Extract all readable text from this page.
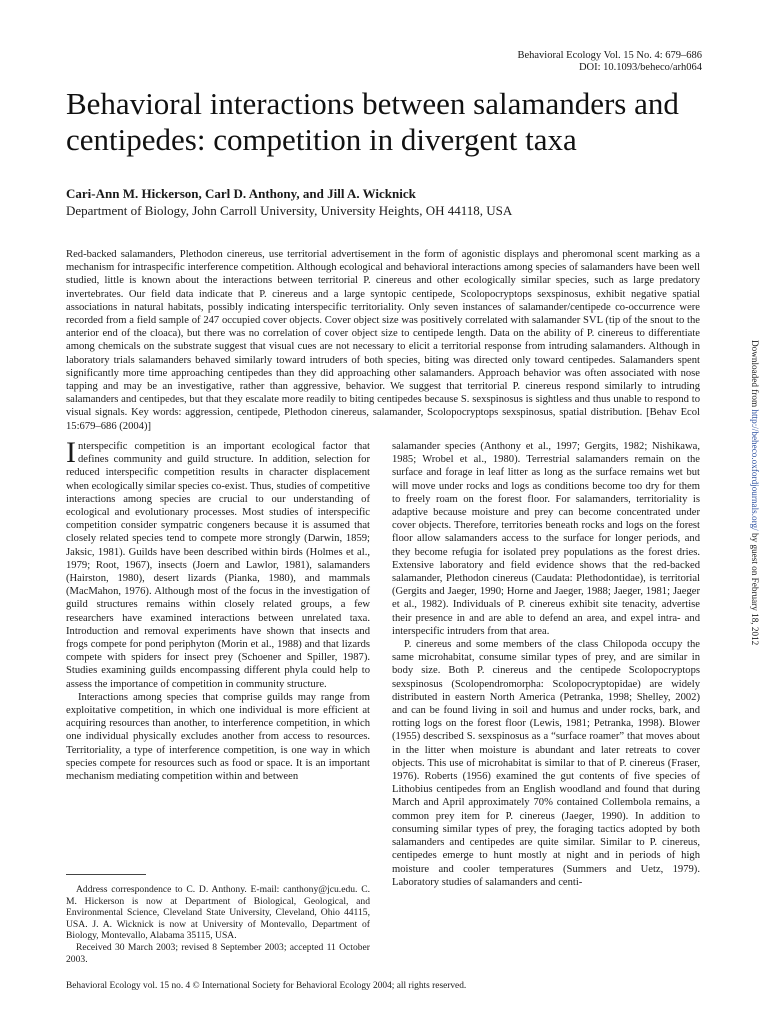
Behavioral Ecology Vol. 15 No. 4: 679–686
DOI: 10.1093/beheco/arh064
Behavioral interactions between salamanders and centipedes: competition in divergent taxa
Cari-Ann M. Hickerson, Carl D. Anthony, and Jill A. Wicknick
Department of Biology, John Carroll University, University Heights, OH 44118, USA
Red-backed salamanders, Plethodon cinereus, use territorial advertisement in the form of agonistic displays and pheromonal scent marking as a mechanism for intraspecific interference competition. Although ecological and behavioral interactions among species of salamanders have been well studied, little is known about the interactions between territorial P. cinereus and other ecologically similar species, such as large predatory invertebrates. Our field data indicate that P. cinereus and a large syntopic centipede, Scolopocryptops sexspinosus, exhibit negative spatial associations in natural habitats, possibly indicating interspecific territoriality. Only seven instances of salamander/centipede co-occurrence were recorded from a field sample of 247 occupied cover objects. Cover object size was positively correlated with salamander SVL (tip of the snout to the anterior end of the cloaca), but there was no correlation of cover object size to centipede length. Data on the ability of P. cinereus to differentiate among chemicals on the substrate suggest that visual cues are not necessary to elicit a territorial response from intruding salamanders. Although in laboratory trials salamanders behaved similarly toward intruders of both species, biting was directed only toward centipedes. Salamanders spent significantly more time approaching centipedes than they did approaching other salamanders. Approach behavior was often associated with nose tapping and may be an investigative, rather than aggressive, behavior. We suggest that territorial P. cinereus respond similarly to intruding salamanders and centipedes, but that they escalate more readily to biting centipedes because S. sexspinosus is sightless and thus unable to respond to visual signals. Key words: aggression, centipede, Plethodon cinereus, salamander, Scolopocryptops sexspinosus, spatial distribution. [Behav Ecol 15:679–686 (2004)]

Interspecific competition is an important ecological factor that defines community and guild structure. In addition, selection for reduced interspecific competition results in character displacement when ecologically similar species co-exist. Thus, studies of competitive interactions among species are crucial to our understanding of ecological and evolutionary processes. Most studies of interspecific competition consider sympatric congeners because it is assumed that closely related species tend to compete more strongly (Darwin, 1859; Jaksic, 1981). Guilds have been described within birds (Holmes et al., 1979; Root, 1967), insects (Joern and Lawlor, 1981), salamanders (Hairston, 1980), desert lizards (Pianka, 1980), and mammals (MacMahon, 1976). Although most of the focus in the investigation of guild structures remains within closely related groups, a few researchers have examined interactions between unrelated taxa. Introduction and removal experiments have shown that insects and frogs compete for pond periphyton (Morin et al., 1988) and that lizards compete with spiders for insect prey (Schoener and Spiller, 1987). Studies examining guilds encompassing different phyla could help to assess the importance of competition in community structure.

Interactions among species that comprise guilds may range from exploitative competition, in which one individual is more efficient at acquiring resources than another, to interference competition, in which one individual physically excludes another from access to resources. Territoriality, a type of interference competition, is one way in which species compete for resources such as food or space. It is an important mechanism mediating competition within and between

salamander species (Anthony et al., 1997; Gergits, 1982; Nishikawa, 1985; Wrobel et al., 1980). Terrestrial salamanders remain on the surface and forage in leaf litter as long as the surface remains wet but will move under rocks and logs as conditions become too dry for them to freely roam on the forest floor. For salamanders, territoriality is adaptive because moisture and prey can become concentrated under cover objects. Therefore, territories beneath rocks and logs on the forest floor allow salamanders access to the surface for longer periods, and they become refugia for isolated prey populations as the forest dries. Extensive laboratory and field evidence shows that the red-backed salamander, Plethodon cinereus (Caudata: Plethodontidae), is territorial (Gergits and Jaeger, 1990; Horne and Jaeger, 1988; Jaeger, 1981; Jaeger et al., 1982). Individuals of P. cinereus exhibit site tenacity, advertise their presence in and are able to defend an area, and expel intra- and interspecific intruders from that area.

P. cinereus and some members of the class Chilopoda occupy the same microhabitat, consume similar types of prey, and are similar in body size. Both P. cinereus and the centipede Scolopocryptops sexspinosus (Scolopendromorpha: Scolopocryptopidae) are widely distributed in eastern North America (Petranka, 1998; Shelley, 2002) and can be found living in soil and humus and under rocks, bark, and rotting logs on the forest floor (Lewis, 1981; Petranka, 1998). Blower (1955) described S. sexspinosus as a “surface roamer” that moves about in the litter when moisture is abundant and later retreats to cover objects. This use of microhabitat is similar to that of P. cinereus (Fraser, 1976). Roberts (1956) examined the gut contents of five species of Lithobius centipedes from an English woodland and found that during March and April approximately 70% contained Collembola remains, a common prey item for P. cinereus (Jaeger, 1990). In addition to consuming similar types of prey, the foraging tactics adopted by both salamanders and centipedes are quite similar. Similar to P. cinereus, centipedes emerge to hunt mostly at night and in periods of high moisture and cooler temperatures (Summers and Uetz, 1979). Laboratory studies of salamanders and centi-

Address correspondence to C. D. Anthony. E-mail: canthony@jcu.edu. C. M. Hickerson is now at Department of Biological, Geological, and Environmental Science, Cleveland State University, Cleveland, Ohio 44115, USA. J. A. Wicknick is now at University of Montevallo, Department of Biology, Montevallo, Alabama 35115, USA.

Received 30 March 2003; revised 8 September 2003; accepted 11 October 2003.

Behavioral Ecology vol. 15 no. 4 © International Society for Behavioral Ecology 2004; all rights reserved.
Downloaded from http://beheco.oxfordjournals.org/ by guest on February 18, 2012
